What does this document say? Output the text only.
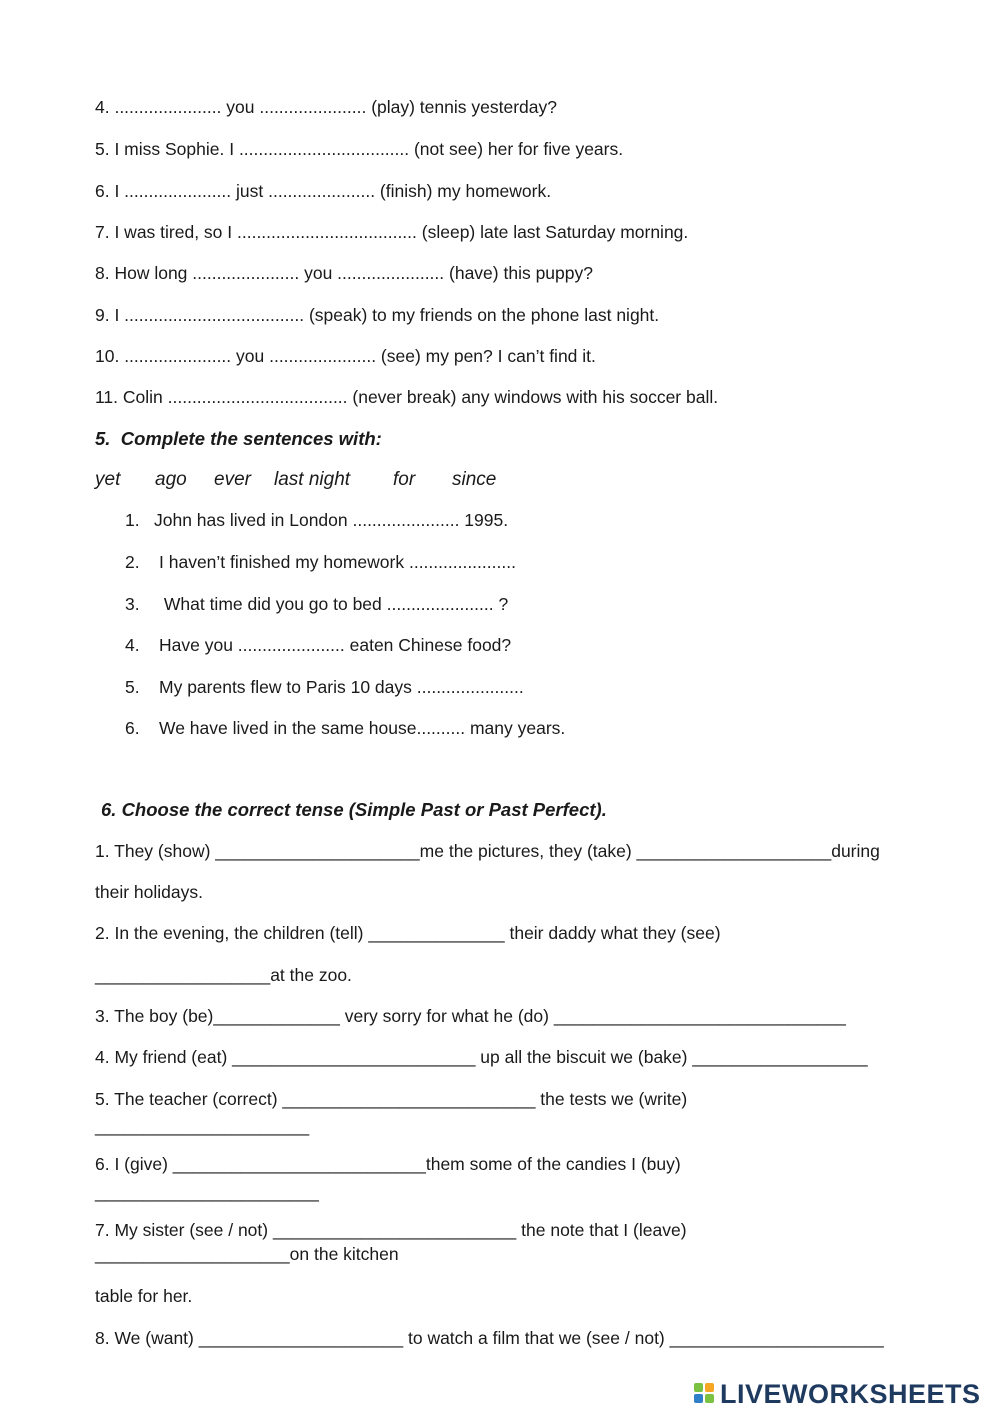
4. ...................... you ...................... (play) tennis yesterday?

5. I miss Sophie. I ................................... (not see) her for five years.

6. I ...................... just ...................... (finish) my homework.

7. I was tired, so I ..................................... (sleep) late last Saturday morning.

8. How long ...................... you ...................... (have) this puppy?

9. I ..................................... (speak) to my friends on the phone last night.

10. ...................... you ...................... (see) my pen? I can’t find it.

11. Colin ..................................... (never break) any windows with his soccer ball.

5.  Complete the sentences with:

yet

ago

ever

last night

for

since

1.

John has lived in London ...................... 1995.

2.

I haven’t finished my homework ......................

3.

What time did you go to bed ...................... ?

4.

Have you ...................... eaten Chinese food?

5.

My parents flew to Paris 10 days ......................

6.

We have lived in the same house.......... many years.

6. Choose the correct tense (Simple Past or Past Perfect).

1. They (show) _____________________me the pictures, they (take) ____________________during

their holidays.

2. In the evening, the children (tell) ______________ their daddy what they (see)

__________________at the zoo.

3. The boy (be)_____________ very sorry for what he (do) ______________________________

4. My friend (eat) _________________________ up all the biscuit we (bake) __________________

5. The teacher (correct) __________________________ the tests we (write)

______________________

6. I (give) __________________________them some of the candies I (buy)

_______________________

7. My sister (see / not) _________________________ the note that I (leave)

____________________on the kitchen

table for her.

8. We (want) _____________________ to watch a film that we (see / not) ______________________

LIVEWORKSHEETS
